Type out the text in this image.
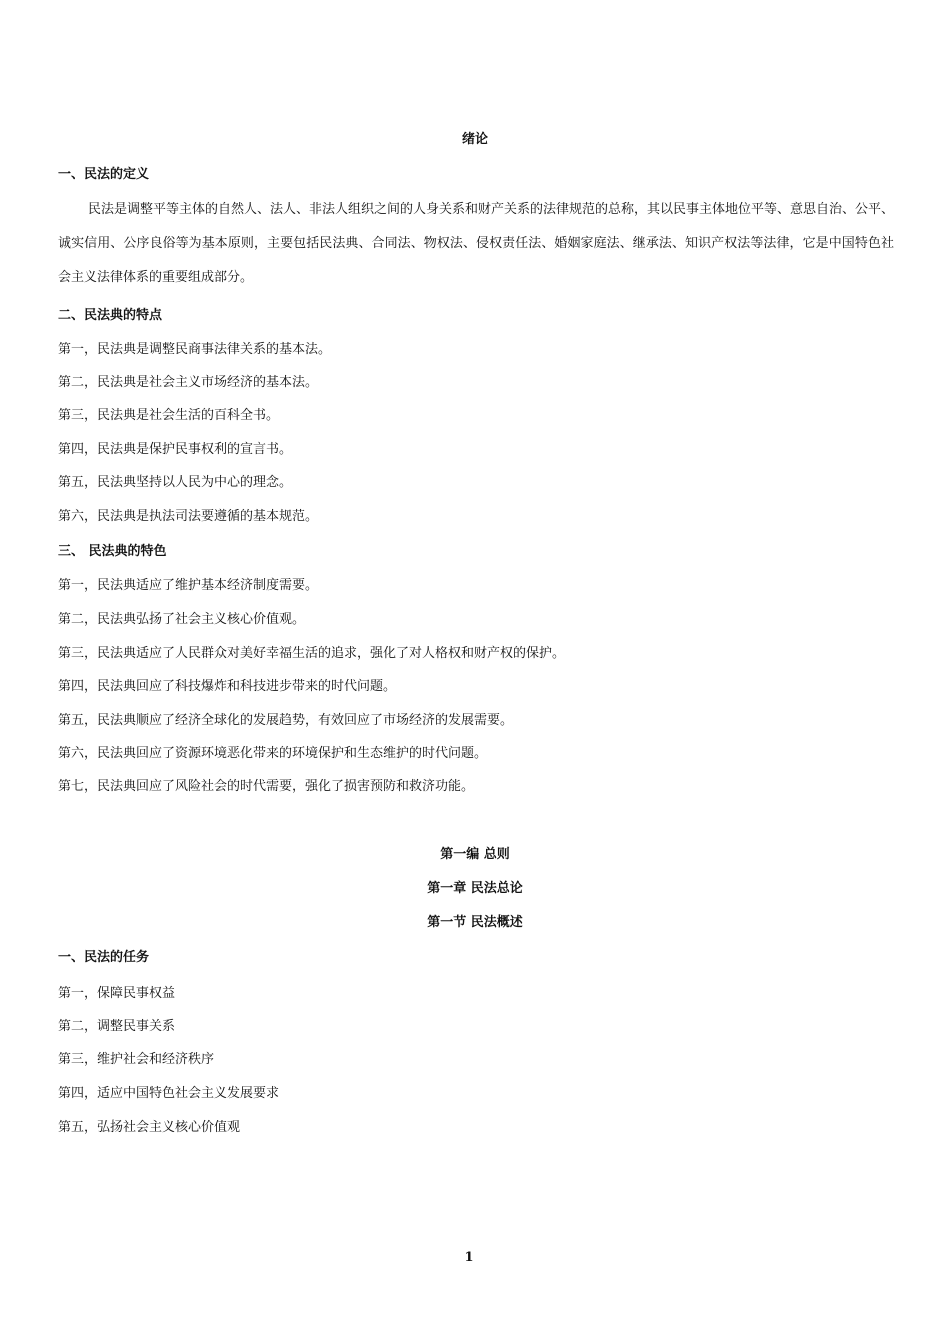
绪论
一、民法的定义
民法是调整平等主体的自然人、法人、非法人组织之间的人身关系和财产关系的法律规范的总称，其以民事主体地位平等、意思自治、公平、诚实信用、公序良俗等为基本原则，主要包括民法典、合同法、物权法、侵权责任法、婚姻家庭法、继承法、知识产权法等法律，它是中国特色社会主义法律体系的重要组成部分。
二、民法典的特点
第一，民法典是调整民商事法律关系的基本法。
第二，民法典是社会主义市场经济的基本法。
第三，民法典是社会生活的百科全书。
第四，民法典是保护民事权利的宣言书。
第五，民法典坚持以人民为中心的理念。
第六，民法典是执法司法要遵循的基本规范。
三、 民法典的特色
第一，民法典适应了维护基本经济制度需要。
第二，民法典弘扬了社会主义核心价值观。
第三，民法典适应了人民群众对美好幸福生活的追求，强化了对人格权和财产权的保护。
第四，民法典回应了科技爆炸和科技进步带来的时代问题。
第五，民法典顺应了经济全球化的发展趋势，有效回应了市场经济的发展需要。
第六，民法典回应了资源环境恶化带来的环境保护和生态维护的时代问题。
第七，民法典回应了风险社会的时代需要，强化了损害预防和救济功能。
第一编 总则
第一章 民法总论
第一节 民法概述
一、民法的任务
第一，保障民事权益
第二，调整民事关系
第三，维护社会和经济秩序
第四，适应中国特色社会主义发展要求
第五，弘扬社会主义核心价值观
1
